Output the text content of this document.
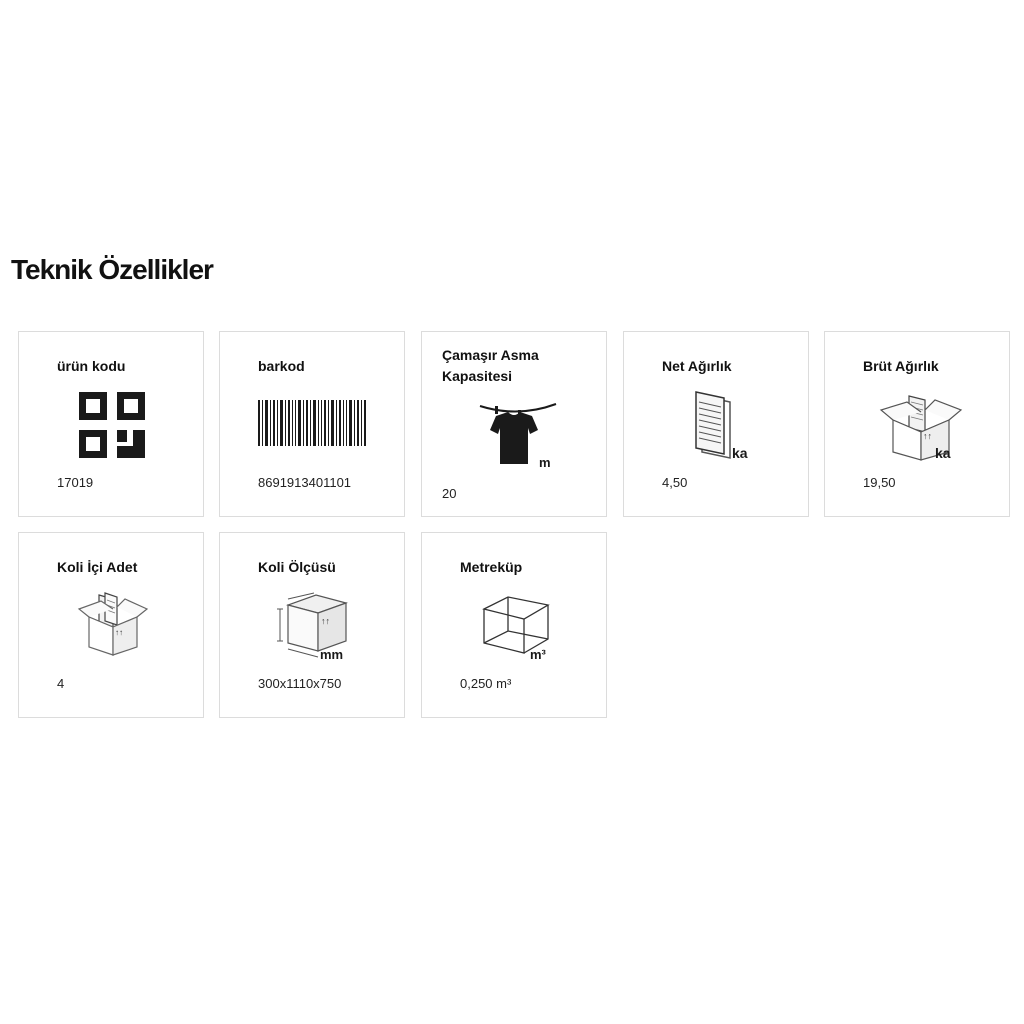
Teknik Özellikler
ürün kodu
17019
barkod
8691913401101
Çamaşır Asma Kapasitesi
m
20
Net Ağırlık
ka
4,50
Brüt Ağırlık
↑↑
ka
19,50
Koli İçi Adet
↑↑
4
Koli Ölçüsü
↑↑
mm
300x1110x750
Metreküp
m³
0,250 m³
